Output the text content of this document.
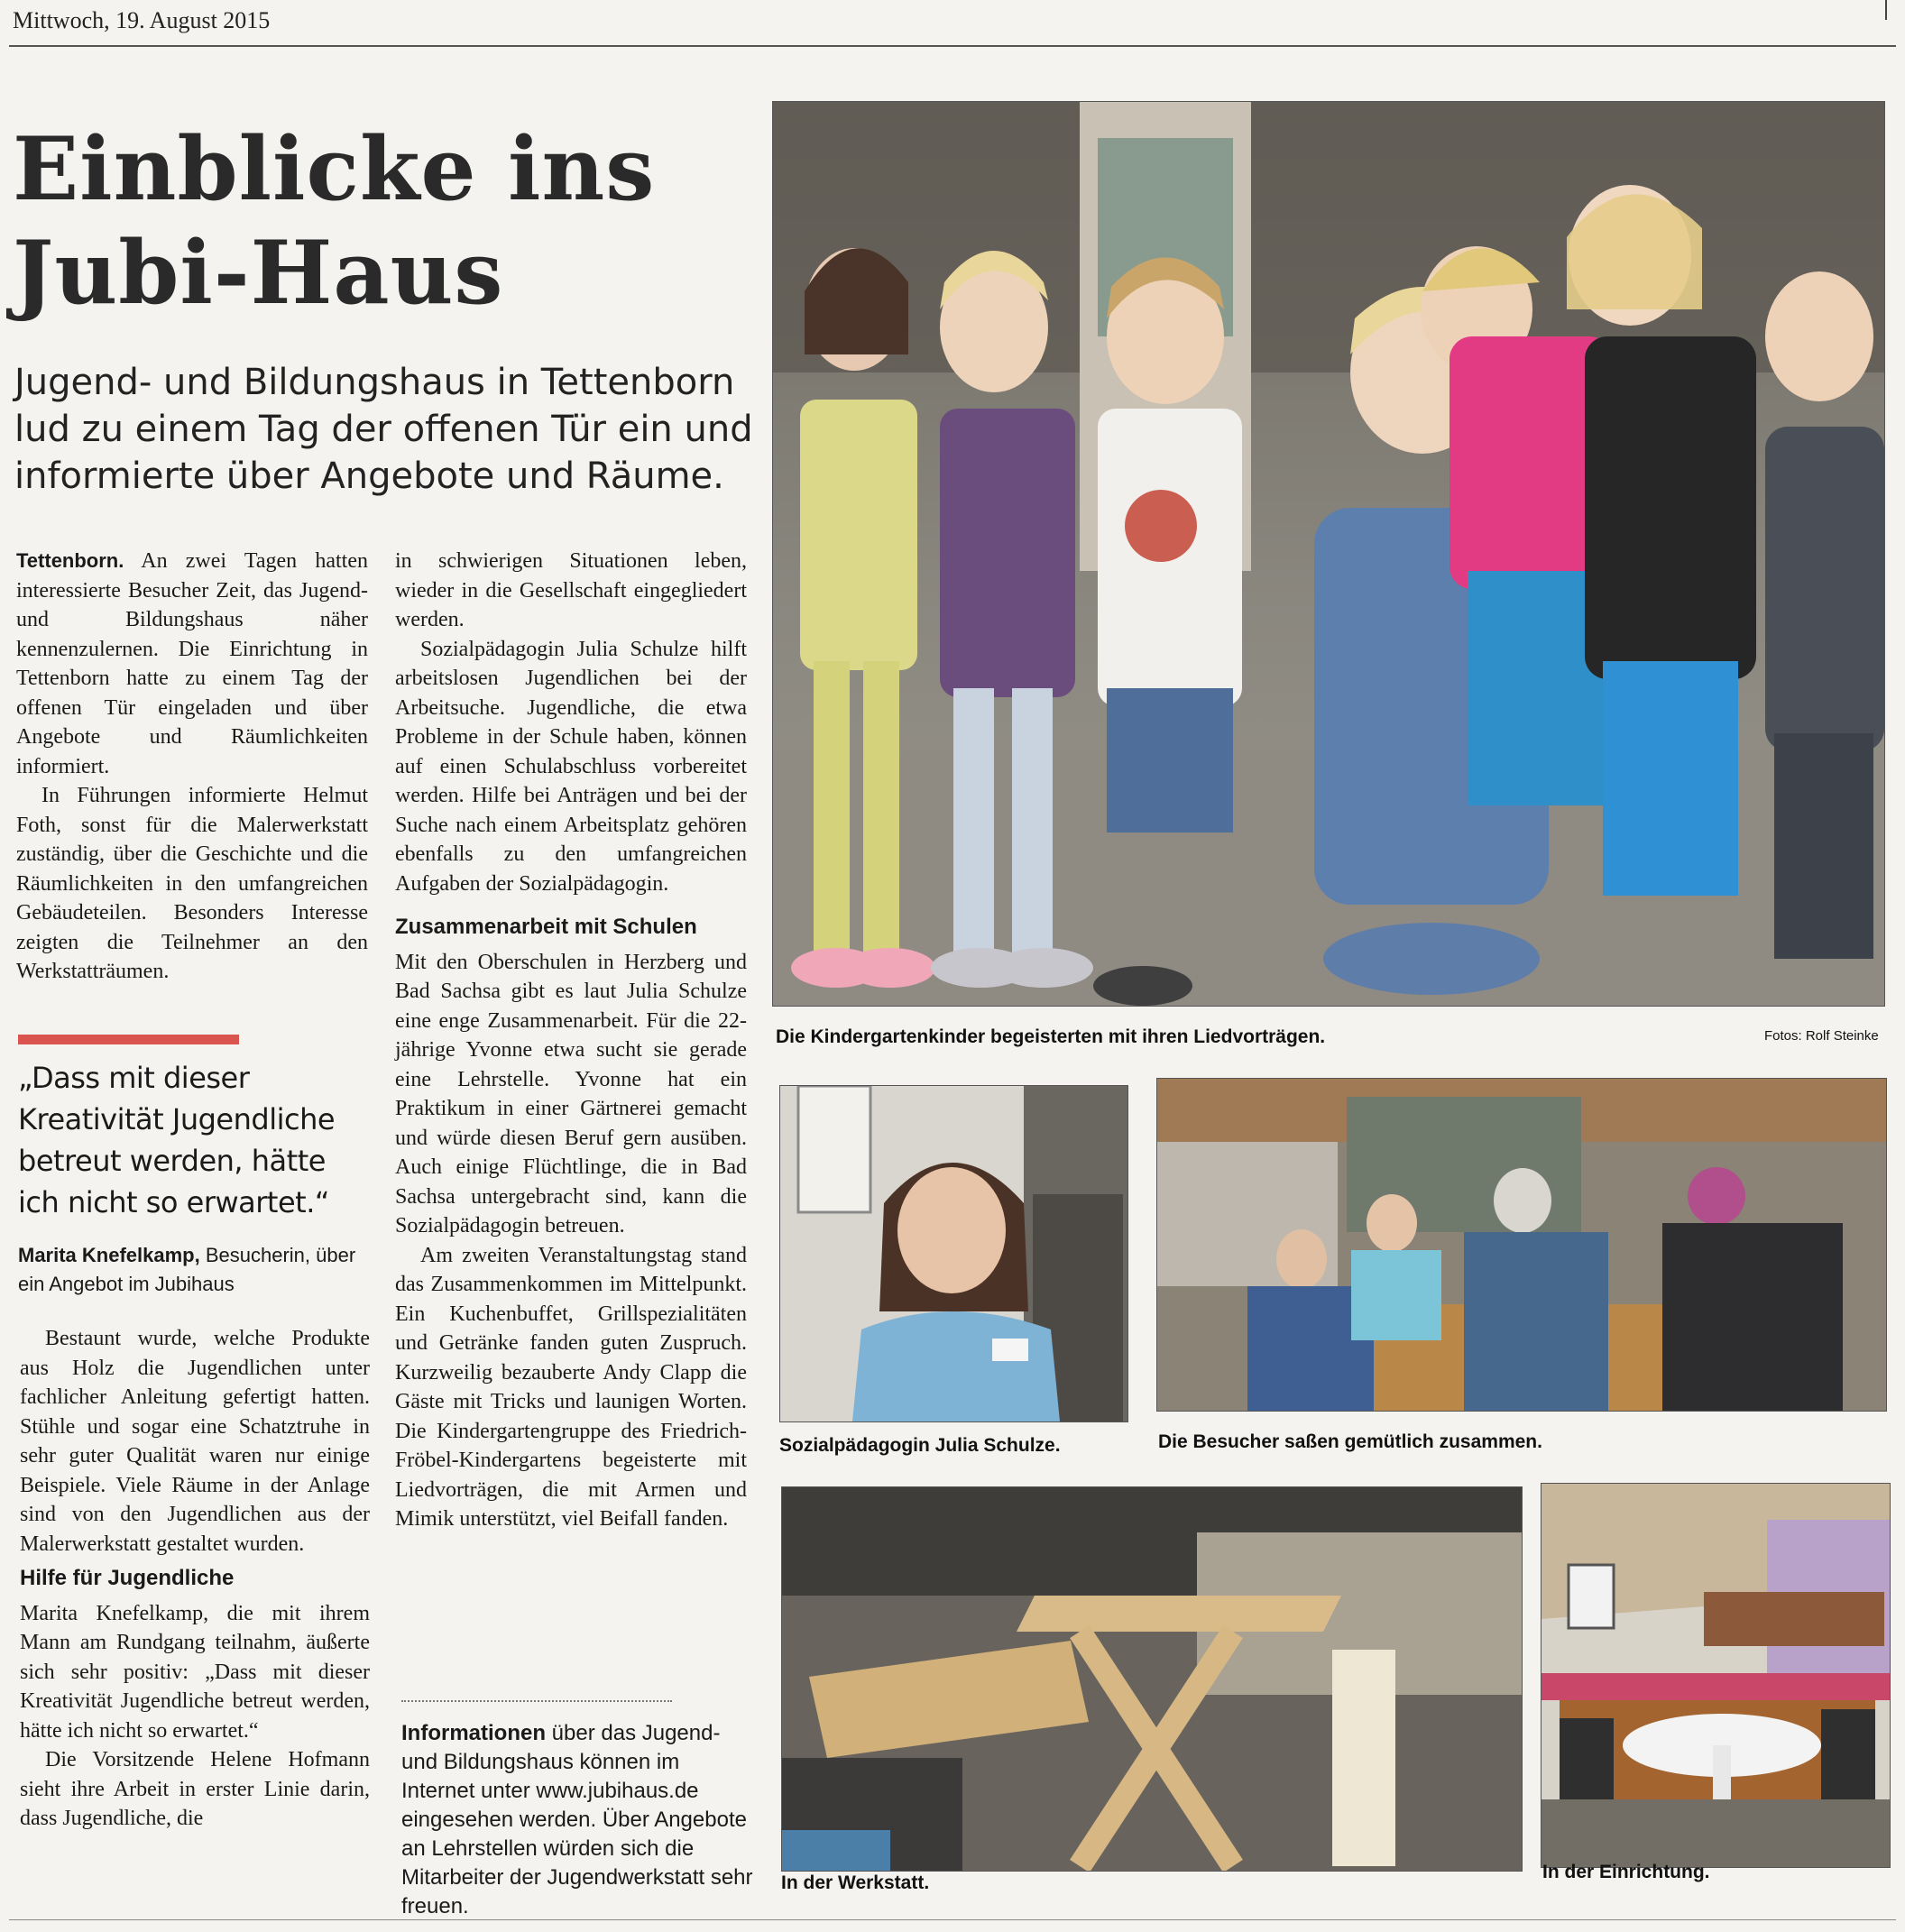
Mittwoch, 19. August 2015
Einblicke ins
Jubi-Haus
Jugend- und Bildungshaus in Tettenborn lud zu einem Tag der offenen Tür ein und informierte über Angebote und Räume.

Tettenborn. An zwei Tagen hatten interessierte Besucher Zeit, das Jugend- und Bildungshaus näher kennenzulernen. Die Einrichtung in Tettenborn hatte zu einem Tag der offenen Tür eingeladen und über Angebote und Räumlichkeiten informiert.

In Führungen informierte Helmut Foth, sonst für die Malerwerkstatt zuständig, über die Geschichte und die Räumlichkeiten in den umfangreichen Gebäudeteilen. Besonders Interesse zeigten die Teilnehmer an den Werkstatträumen.

„Dass mit dieser Kreativität Jugendliche betreut werden, hätte ich nicht so erwartet.“
Marita Knefelkamp, Besucherin, über ein Angebot im Jubihaus

Bestaunt wurde, welche Produkte aus Holz die Jugendlichen unter fachlicher Anleitung gefertigt hatten. Stühle und sogar eine Schatztruhe in sehr guter Qualität waren nur einige Beispiele. Viele Räume in der Anlage sind von den Jugendlichen aus der Malerwerkstatt gestaltet wurden.

Hilfe für Jugendliche

Marita Knefelkamp, die mit ihrem Mann am Rundgang teilnahm, äußerte sich sehr positiv: „Dass mit dieser Kreativität Jugendliche betreut werden, hätte ich nicht so erwartet.“

Die Vorsitzende Helene Hofmann sieht ihre Arbeit in erster Linie darin, dass Jugendliche, die

in schwierigen Situationen leben, wieder in die Gesellschaft eingegliedert werden.

Sozialpädagogin Julia Schulze hilft arbeitslosen Jugendlichen bei der Arbeitsuche. Jugendliche, die etwa Probleme in der Schule haben, können auf einen Schulabschluss vorbereitet werden. Hilfe bei Anträgen und bei der Suche nach einem Arbeitsplatz gehören ebenfalls zu den umfangreichen Aufgaben der Sozialpädagogin.

Zusammenarbeit mit Schulen

Mit den Oberschulen in Herzberg und Bad Sachsa gibt es laut Julia Schulze eine enge Zusammenarbeit. Für die 22-jährige Yvonne etwa sucht sie gerade eine Lehrstelle. Yvonne hat ein Praktikum in einer Gärtnerei gemacht und würde diesen Beruf gern ausüben. Auch einige Flüchtlinge, die in Bad Sachsa untergebracht sind, kann die Sozialpädagogin betreuen.

Am zweiten Veranstaltungstag stand das Zusammenkommen im Mittelpunkt. Ein Kuchenbuffet, Grillspezialitäten und Getränke fanden guten Zuspruch. Kurzweilig bezauberte Andy Clapp die Gäste mit Tricks und launigen Worten. Die Kindergartengruppe des Friedrich-Fröbel-Kindergartens begeisterte mit Liedvorträgen, die mit Armen und Mimik unterstützt, viel Beifall fanden.

Informationen über das Jugend- und Bildungshaus können im Internet unter www.jubihaus.de eingesehen werden. Über Angebote an Lehrstellen würden sich die Mitarbeiter der Jugendwerkstatt sehr freuen.
Die Kindergartenkinder begeisterten mit ihren Liedvorträgen.	Fotos: Rolf Steinke
Sozialpädagogin Julia Schulze.	Die Besucher saßen gemütlich zusammen.
In der Werkstatt.
In der Einrichtung.
